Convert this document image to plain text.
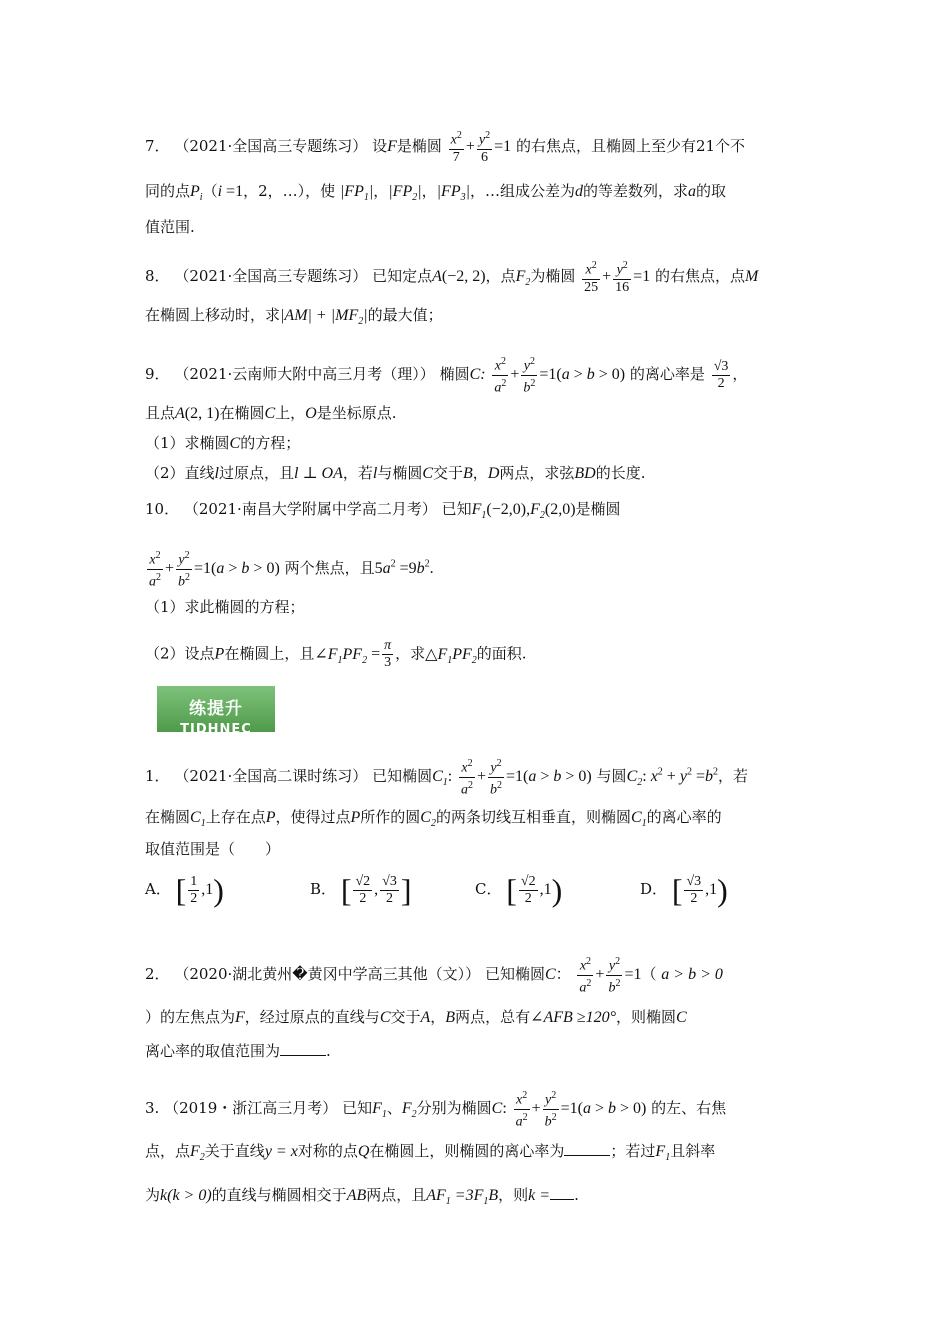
7． （2021·全国高三专题练习） 设F是椭圆 $\frac{x^2}{7} + \frac{y^2}{6} =1$ 的右焦点，且椭圆上至少有21个不
同的点$P_i(i =1$，2，…），使 $|FP_1|$，$|FP_2|$，$|FP_3|$，…组成公差为d的等差数列，求a的取
值范围.
8． （2021·全国高三专题练习） 已知定点A(−2, 2)，点$F_2$为椭圆 $\frac{x^2}{25} + \frac{y^2}{16} =1$ 的右焦点，点M
在椭圆上移动时，求$|AM| + |MF_2|$的最大值；
9． （2021·云南师大附中高三月考（理）） 椭圆C: $\frac{x^2}{a^2} + \frac{y^2}{b^2} =1(a > b > 0)$ 的离心率是 $\frac{√3}{2}$ ，
且点A(2, 1)在椭圆C上，O是坐标原点.
（1）求椭圆C的方程；
（2）直线l过原点，且l ⊥ OA，若l与椭圆C交于B，D两点，求弦BD的长度.
10． （2021·南昌大学附属中学高二月考） 已知$F_1(-2,0),F_2(2,0)$是椭圆
$\frac{x^2}{a^2} + \frac{y^2}{b^2} =1(a > b > 0)$ 两个焦点，且$5a^2 =9b^2$.
（1）求此椭圆的方程；
（2）设点P在椭圆上，且$\angle F_1PF_2 = \frac{\pi}{3}$ ，求$\triangle F_1PF_2$的面积.
练提升
TIDHNEC
1． （2021·全国高二课时练习） 已知椭圆$C_1$: $\frac{x^2}{a^2} + \frac{y^2}{b^2} =1(a > b > 0)$ 与圆$C_2$: $x^2 + y^2 =b^2$，若
在椭圆$C_1$上存在点P，使得过点P所作的圆$C_2$的两条切线互相垂直，则椭圆$C_1$的离心率的
取值范围是（　　）
A． [ $\frac{1}{2} ,1$)	B． [ $\frac{√2}{2}$ , $\frac{√3}{2}$ ]	C． [ $\frac{√2}{2} ,1$)	D． [ $\frac{√3}{2} ,1$)
2． （2020·湖北黄州�黄冈中学高三其他（文）） 已知椭圆C： $\frac{x^2}{a^2} + \frac{y^2}{b^2} =1$（ a > b > 0
）的左焦点为F，经过原点的直线与C交于A，B两点，总有∠AFB ≥120°，则椭圆C
离心率的取值范围为	.
3. （2019・浙江高三月考） 已知$F_1$、$F_2$分别为椭圆C: $\frac{x^2}{a^2} + \frac{y^2}{b^2} =1(a > b > 0)$ 的左、右焦
点，点$F_2$关于直线y = x对称的点Q在椭圆上，则椭圆的离心率为	；若过$F_1$且斜率
为k(k > 0)的直线与椭圆相交于AB两点，且$AF_1 =3F_1B$，则k = .
